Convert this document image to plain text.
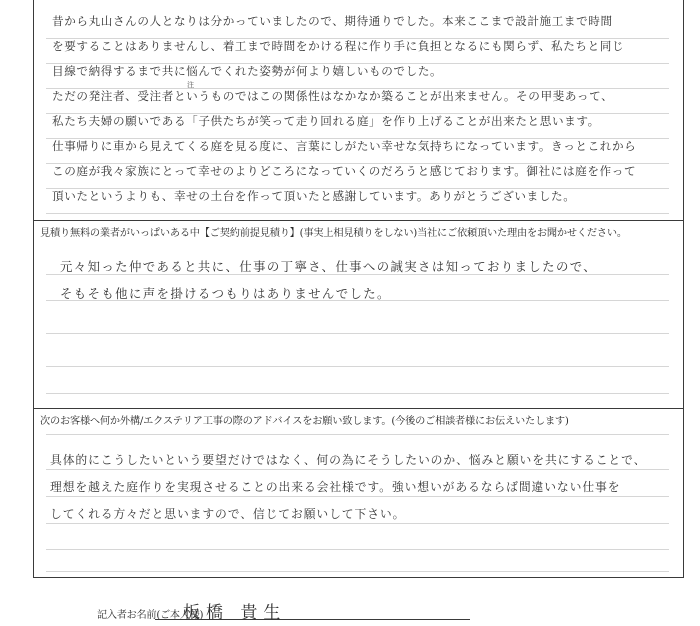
昔から丸山さんの人となりは分かっていましたので、期待通りでした。本来ここまで設計施工まで時間
を要することはありませんし、着工まで時間をかける程に作り手に負担となるにも関らず、私たちと同じ
目線で納得するまで共に悩んでくれた姿勢が何より嬉しいものでした。
注
ただの発注者、受注者というものではこの関係性はなかなか築ることが出来ません。その甲斐あって、
私たち夫婦の願いである「子供たちが笑って走り回れる庭」を作り上げることが出来たと思います。
仕事帰りに車から見えてくる庭を見る度に、言葉にしがたい幸せな気持ちになっています。きっとこれから
この庭が我々家族にとって幸せのよりどころになっていくのだろうと感じております。御社には庭を作って
頂いたというよりも、幸せの土台を作って頂いたと感謝しています。ありがとうございました。
見積り無料の業者がいっぱいある中【ご契約前提見積り】(事実上相見積りをしない)当社にご依頼頂いた理由をお聞かせください。
元々知った仲であると共に、仕事の丁寧さ、仕事への誠実さは知っておりましたので、
そもそも他に声を掛けるつもりはありませんでした。
次のお客様へ何か外構/エクステリア工事の際のアドバイスをお願い致します。(今後のご相談者様にお伝えいたします)
具体的にこうしたいという要望だけではなく、何の為にそうしたいのか、悩みと願いを共にすることで、
理想を越えた庭作りを実現させることの出来る会社様です。強い想いがあるならば間違いない仕事を
してくれる方々だと思いますので、信じてお願いして下さい。
記入者お名前(ご本人様)
板橋 貴生
